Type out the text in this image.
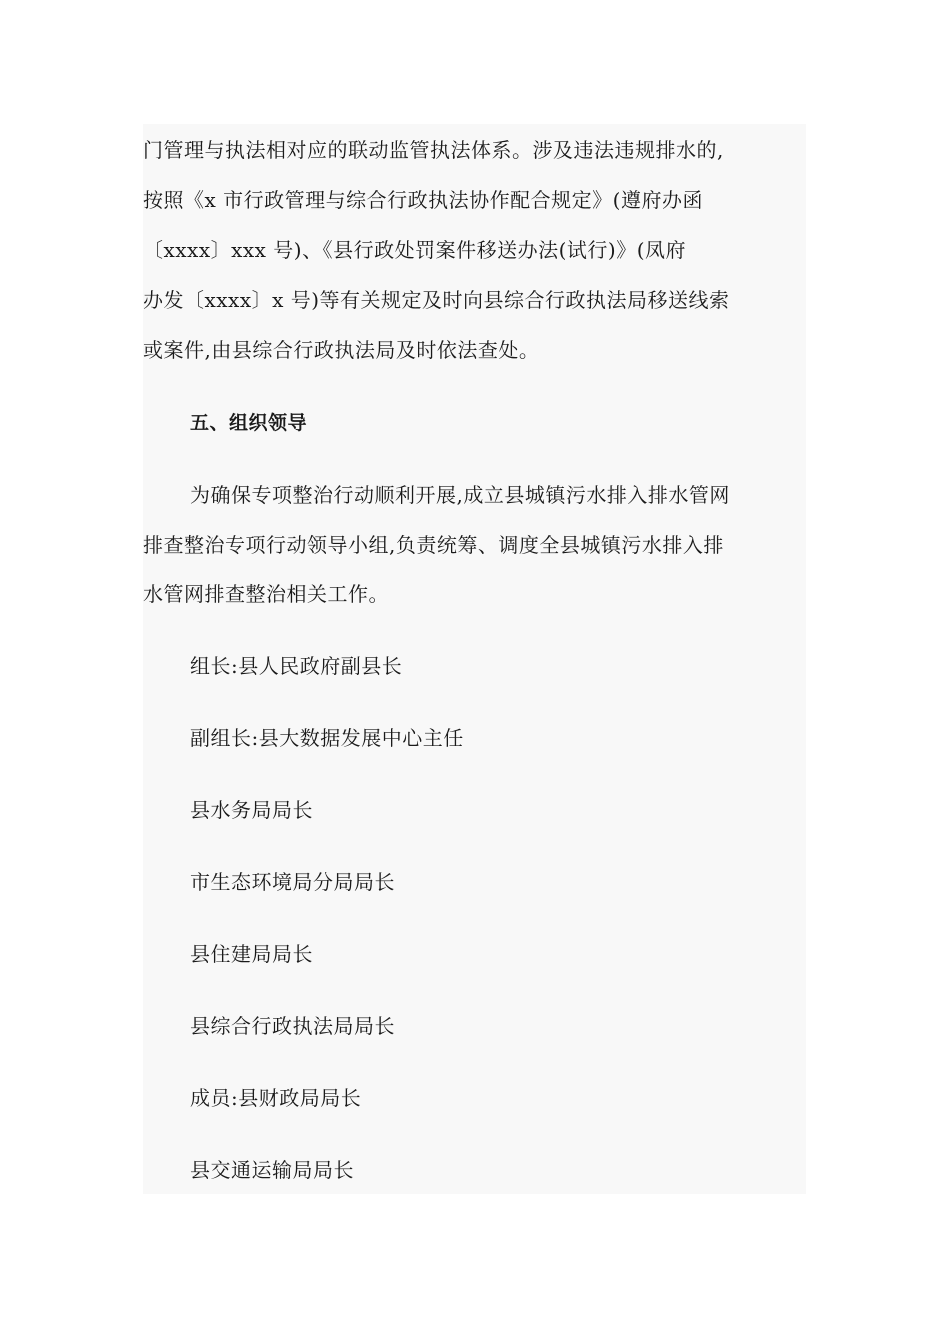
门管理与执法相对应的联动监管执法体系。涉及违法违规排水的,
按照《x 市行政管理与综合行政执法协作配合规定》(遵府办函
〔xxxx〕xxx 号)、《县行政处罚案件移送办法(试行)》(凤府
办发〔xxxx〕x 号)等有关规定及时向县综合行政执法局移送线索
或案件,由县综合行政执法局及时依法查处。
五、组织领导
为确保专项整治行动顺利开展,成立县城镇污水排入排水管网
排查整治专项行动领导小组,负责统筹、调度全县城镇污水排入排
水管网排查整治相关工作。
组长:县人民政府副县长
副组长:县大数据发展中心主任
县水务局局长
市生态环境局分局局长
县住建局局长
县综合行政执法局局长
成员:县财政局局长
县交通运输局局长
